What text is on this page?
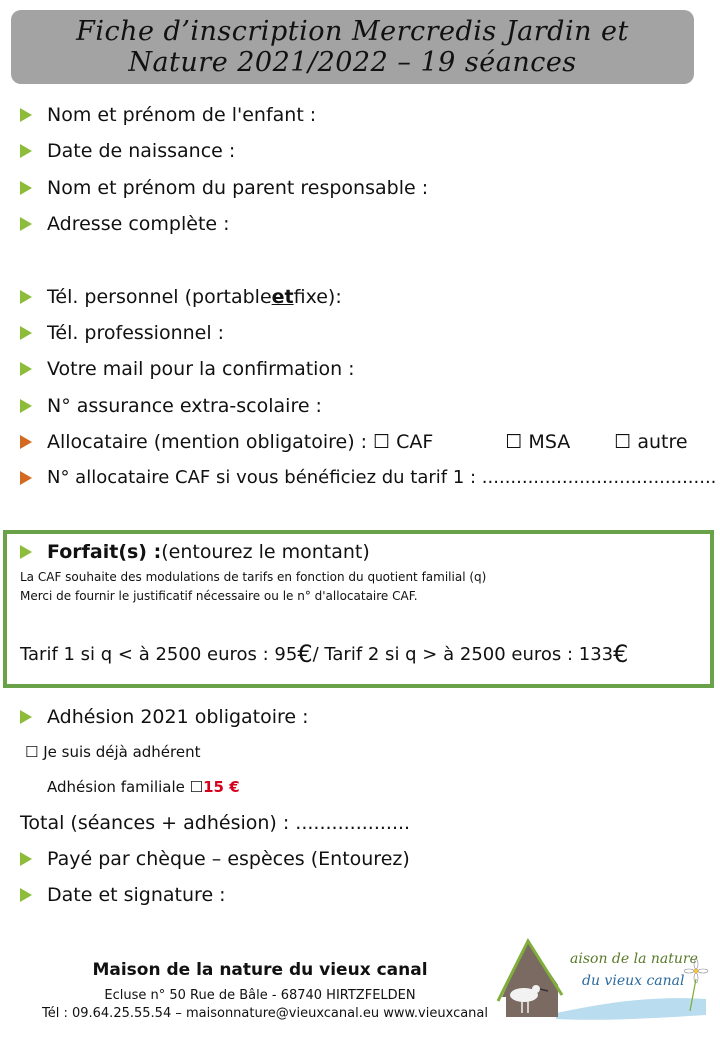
Fiche d’inscription Mercredis Jardin et
Nature 2021/2022 – 19 séances
Nom et prénom de l'enfant :
Date de naissance :
Nom et prénom du parent responsable :
Adresse complète :
Tél. personnel (portable et fixe):
Tél. professionnel :
Votre mail pour la confirmation :
N° assurance extra-scolaire :
Allocataire (mention obligatoire) : ☐ CAF	☐ MSA ☐ autre
N° allocataire CAF si vous bénéficiez du tarif 1 : .........................................
Forfait(s) : (entourez le montant)
La CAF souhaite des modulations de tarifs en fonction du quotient familial (q)
Merci de fournir le justificatif nécessaire ou le n° d'allocataire CAF.
Tarif 1 si q < à 2500 euros : 95 € / Tarif 2 si q > à 2500 euros : 133 €
Adhésion 2021 obligatoire :
☐ Je suis déjà adhérent
Adhésion familiale ☐ 15 €
Total (séances + adhésion) : ...................
Payé par chèque – espèces (Entourez)
Date et signature :
Maison de la nature du vieux canal
Ecluse n° 50 Rue de Bâle - 68740 HIRTZFELDEN
Tél : 09.64.25.55.54 – maisonnature@vieuxcanal.eu www.vieuxcanal
aison de la nature
du vieux canal
